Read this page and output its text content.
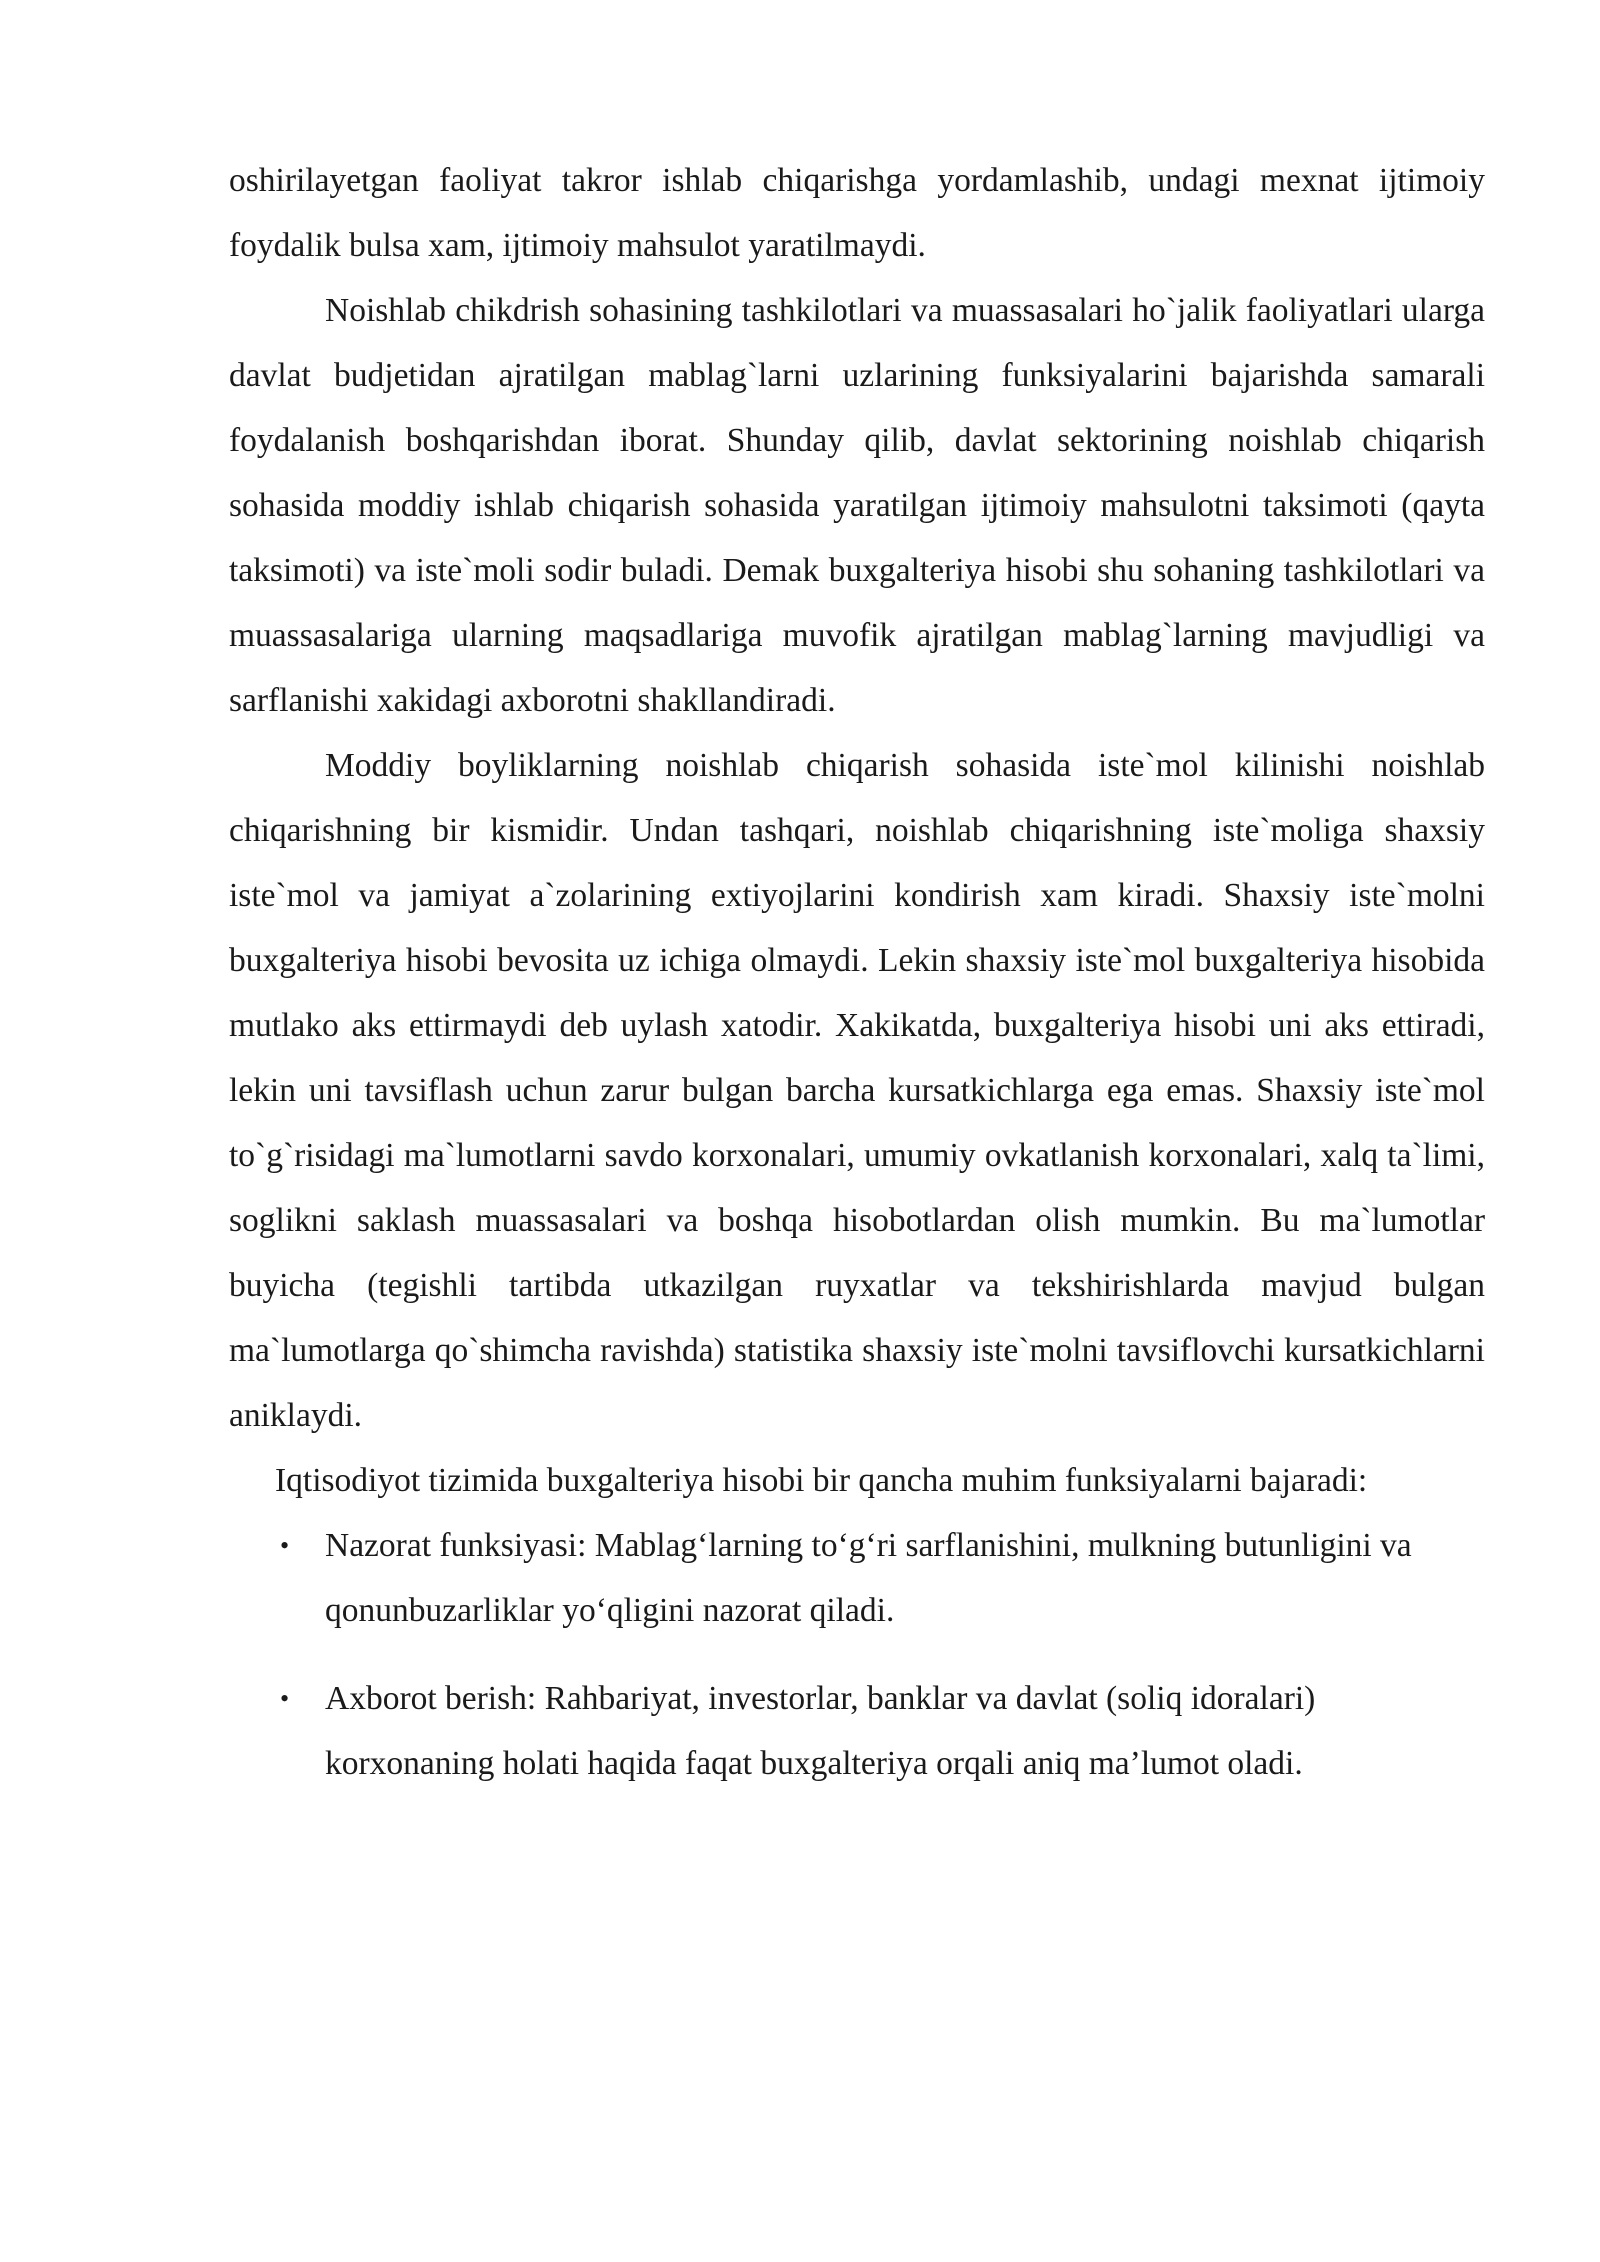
oshirilayetgan faoliyat takror ishlab chiqarishga yordamlashib, undagi mexnat ijtimoiy foydalik bulsa xam, ijtimoiy mahsulot yaratilmaydi.

Noishlab chikdrish sohasining tashkilotlari va muassasalari ho`jalik faoliyatlari ularga davlat budjetidan ajratilgan mablag`larni uzlarining funksiyalarini bajarishda samarali foydalanish boshqarishdan iborat. Shunday qilib, davlat sektorining noishlab chiqarish sohasida moddiy ishlab chiqarish sohasida yaratilgan ijtimoiy mahsulotni taksimoti (qayta taksimoti) va iste`moli sodir buladi. Demak buxgalteriya hisobi shu sohaning tashkilotlari va muassasalariga ularning maqsadlariga muvofik ajratilgan mablag`larning mavjudligi va sarflanishi xakidagi axborotni shakllandiradi.

Moddiy boyliklarning noishlab chiqarish sohasida iste`mol kilinishi noishlab chiqarishning bir kismidir. Undan tashqari, noishlab chiqarishning iste`moliga shaxsiy iste`mol va jamiyat a`zolarining extiyojlarini kondirish xam kiradi. Shaxsiy iste`molni buxgalteriya hisobi bevosita uz ichiga olmaydi. Lekin shaxsiy iste`mol buxgalteriya hisobida mutlako aks ettirmaydi deb uylash xatodir. Xakikatda, buxgalteriya hisobi uni aks ettiradi, lekin uni tavsiflash uchun zarur bulgan barcha kursatkichlarga ega emas. Shaxsiy iste`mol to`g`risidagi ma`lumotlarni savdo korxonalari, umumiy ovkatlanish korxonalari, xalq ta`limi, soglikni saklash muassasalari va boshqa hisobotlardan olish mumkin. Bu ma`lumotlar buyicha (tegishli tartibda utkazilgan ruyxatlar va tekshirishlarda mavjud bulgan ma`lumotlarga qo`shimcha ravishda) statistika shaxsiy iste`molni tavsiflovchi kursatkichlarni aniklaydi.

Iqtisodiyot tizimida buxgalteriya hisobi bir qancha muhim funksiyalarni bajaradi:

• Nazorat funksiyasi: Mablag‘larning to‘g‘ri sarflanishini, mulkning butunligini va qonunbuzarliklar yo‘qligini nazorat qiladi.
• Axborot berish: Rahbariyat, investorlar, banklar va davlat (soliq idoralari) korxonaning holati haqida faqat buxgalteriya orqali aniq ma’lumot oladi.
